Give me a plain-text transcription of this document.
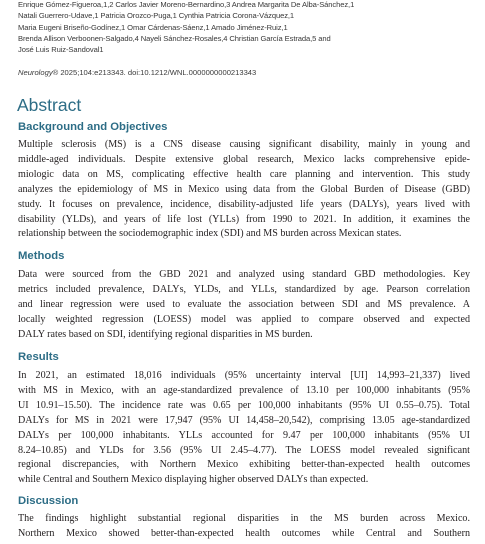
Enrique Gómez-Figueroa,1,2 Carlos Javier Moreno-Bernardino,3 Andrea Margarita De Alba-Sánchez,1
Natali Guerrero-Udave,1 Patricia Orozco-Puga,1 Cynthia Patricia Corona-Vázquez,1
Maria Eugeni Briseño-Godínez,1 Omar Cárdenas-Sáenz,1 Amado Jiménez-Ruiz,1
Brenda Allison Verboonen-Salgado,4 Nayeli Sánchez-Rosales,4 Christian García Estrada,5 and
José Luis Ruiz-Sandoval1
Neurology® 2025;104:e213343. doi:10.1212/WNL.0000000000213343
Abstract
Background and Objectives
Multiple sclerosis (MS) is a CNS disease causing significant disability, mainly in young and
middle-aged individuals. Despite extensive global research, Mexico lacks comprehensive epide-
miologic data on MS, complicating effective health care planning and intervention. This study
analyzes the epidemiology of MS in Mexico using data from the Global Burden of Disease (GBD)
study. It focuses on prevalence, incidence, disability-adjusted life years (DALYs), years lived with
disability (YLDs), and years of life lost (YLLs) from 1990 to 2021. In addition, it examines the
relationship between the sociodemographic index (SDI) and MS burden across Mexican states.
Methods
Data were sourced from the GBD 2021 and analyzed using standard GBD methodologies. Key
metrics included prevalence, DALYs, YLDs, and YLLs, standardized by age. Pearson correlation
and linear regression were used to evaluate the association between SDI and MS prevalence. A
locally weighted regression (LOESS) model was applied to compare observed and expected
DALY rates based on SDI, identifying regional disparities in MS burden.
Results
In 2021, an estimated 18,016 individuals (95% uncertainty interval [UI] 14,993–21,337) lived
with MS in Mexico, with an age-standardized prevalence of 13.10 per 100,000 inhabitants (95%
UI 10.91–15.50). The incidence rate was 0.65 per 100,000 inhabitants (95% UI 0.55–0.75). Total
DALYs for MS in 2021 were 17,947 (95% UI 14,458–20,542), comprising 13.05 age-standardized
DALYs per 100,000 inhabitants. YLLs accounted for 9.47 per 100,000 inhabitants (95% UI
8.24–10.85) and YLDs for 3.56 (95% UI 2.45–4.77). The LOESS model revealed significant
regional discrepancies, with Northern Mexico exhibiting better-than-expected health outcomes
while Central and Southern Mexico displaying higher observed DALYs than expected.
Discussion
The findings highlight substantial regional disparities in the MS burden across Mexico.
Northern Mexico showed better-than-expected health outcomes while Central and Southern
